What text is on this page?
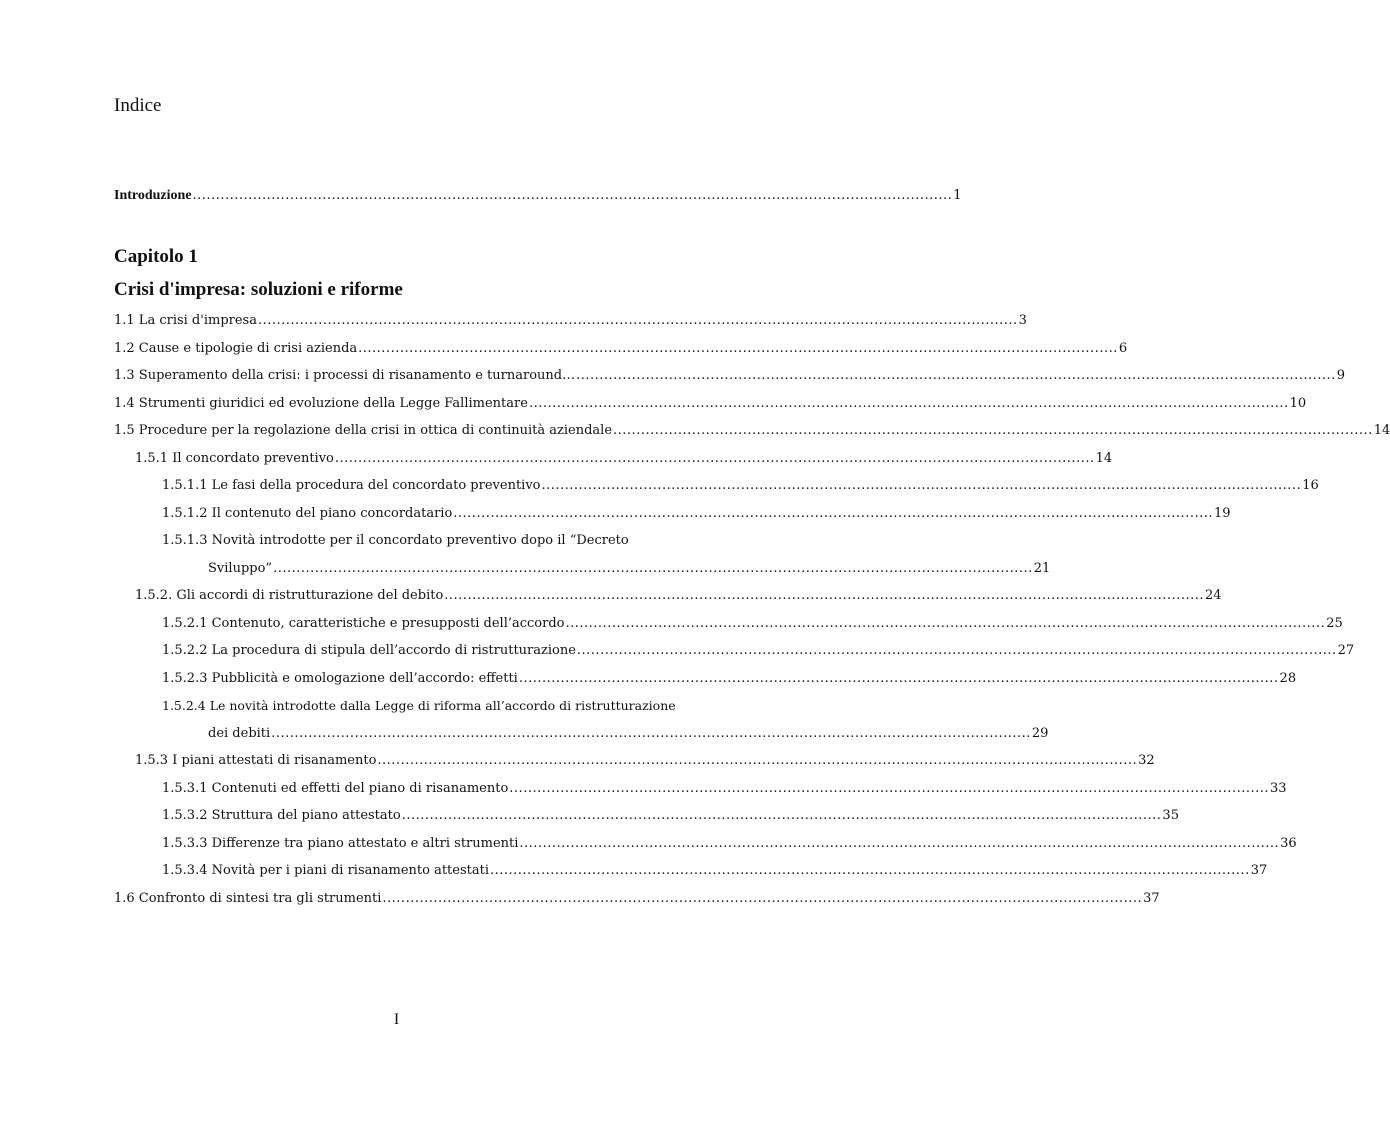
Indice
Introduzione .................................................................................................................................................................... 1
Capitolo 1
Crisi d'impresa: soluzioni e riforme
1.1 La crisi d'impresa .................................................................................................................................................................... 3
1.2 Cause e tipologie di crisi azienda .................................................................................................................................................................... 6
1.3 Superamento della crisi: i processi di risanamento e turnaround… .................................................................................................................................................................... 9
1.4 Strumenti giuridici ed evoluzione della Legge Fallimentare .................................................................................................................................................................... 10
1.5 Procedure per la regolazione della crisi in ottica di continuità aziendale .................................................................................................................................................................... 14
1.5.1 Il concordato preventivo .................................................................................................................................................................... 14
1.5.1.1 Le fasi della procedura del concordato preventivo .................................................................................................................................................................... 16
1.5.1.2 Il contenuto del piano concordatario .................................................................................................................................................................... 19
1.5.1.3 Novità introdotte per il concordato preventivo dopo il “Decreto
Sviluppo” .................................................................................................................................................................... 21
1.5.2. Gli accordi di ristrutturazione del debito .................................................................................................................................................................... 24
1.5.2.1 Contenuto, caratteristiche e presupposti dell’accordo .................................................................................................................................................................... 25
1.5.2.2 La procedura di stipula dell’accordo di ristrutturazione .................................................................................................................................................................... 27
1.5.2.3 Pubblicità e omologazione dell’accordo: effetti .................................................................................................................................................................... 28
1.5.2.4 Le novità introdotte dalla Legge di riforma all’accordo di ristrutturazione
dei debiti .................................................................................................................................................................... 29
1.5.3 I piani attestati di risanamento .................................................................................................................................................................... 32
1.5.3.1 Contenuti ed effetti del piano di risanamento .................................................................................................................................................................... 33
1.5.3.2 Struttura del piano attestato .................................................................................................................................................................... 35
1.5.3.3 Differenze tra piano attestato e altri strumenti .................................................................................................................................................................... 36
1.5.3.4 Novità per i piani di risanamento attestati .................................................................................................................................................................... 37
1.6 Confronto di sintesi tra gli strumenti .................................................................................................................................................................... 37
I
